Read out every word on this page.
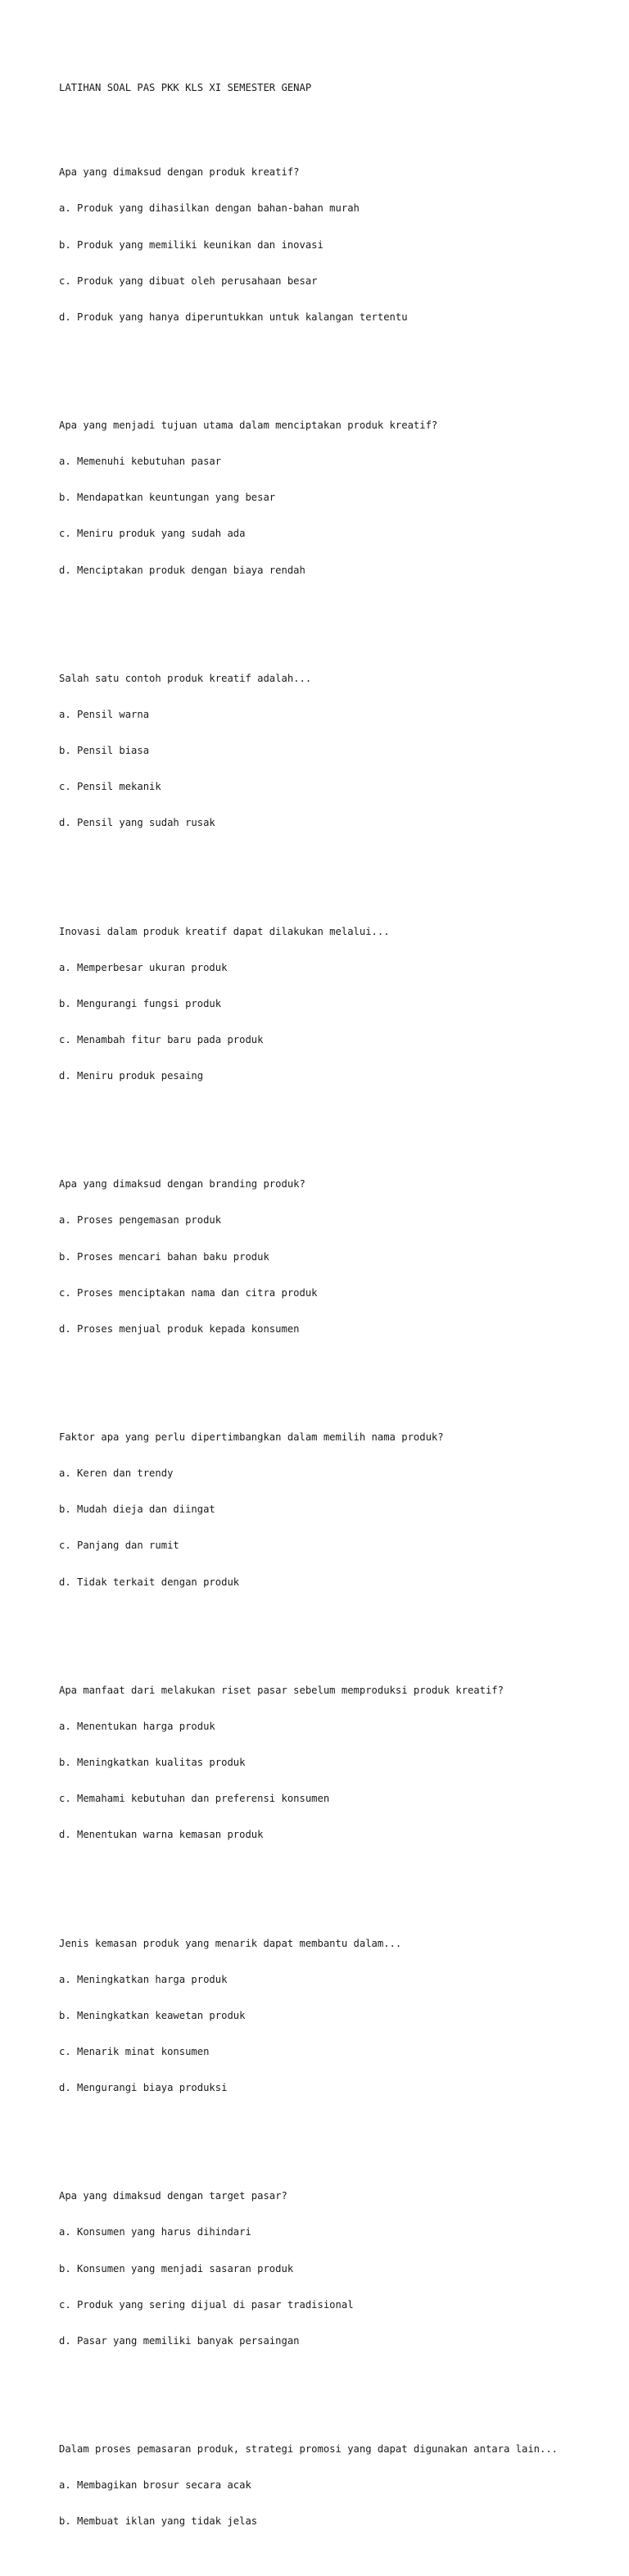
LATIHAN SOAL PAS PKK KLS XI SEMESTER GENAP

Apa yang dimaksud dengan produk kreatif?

a. Produk yang dihasilkan dengan bahan-bahan murah

b. Produk yang memiliki keunikan dan inovasi

c. Produk yang dibuat oleh perusahaan besar

d. Produk yang hanya diperuntukkan untuk kalangan tertentu

Apa yang menjadi tujuan utama dalam menciptakan produk kreatif?

a. Memenuhi kebutuhan pasar

b. Mendapatkan keuntungan yang besar

c. Meniru produk yang sudah ada

d. Menciptakan produk dengan biaya rendah

Salah satu contoh produk kreatif adalah...

a. Pensil warna

b. Pensil biasa

c. Pensil mekanik

d. Pensil yang sudah rusak

Inovasi dalam produk kreatif dapat dilakukan melalui...

a. Memperbesar ukuran produk

b. Mengurangi fungsi produk

c. Menambah fitur baru pada produk

d. Meniru produk pesaing

Apa yang dimaksud dengan branding produk?

a. Proses pengemasan produk

b. Proses mencari bahan baku produk

c. Proses menciptakan nama dan citra produk

d. Proses menjual produk kepada konsumen

Faktor apa yang perlu dipertimbangkan dalam memilih nama produk?

a. Keren dan trendy

b. Mudah dieja dan diingat

c. Panjang dan rumit

d. Tidak terkait dengan produk

Apa manfaat dari melakukan riset pasar sebelum memproduksi produk kreatif?

a. Menentukan harga produk

b. Meningkatkan kualitas produk

c. Memahami kebutuhan dan preferensi konsumen

d. Menentukan warna kemasan produk

Jenis kemasan produk yang menarik dapat membantu dalam...

a. Meningkatkan harga produk

b. Meningkatkan keawetan produk

c. Menarik minat konsumen

d. Mengurangi biaya produksi

Apa yang dimaksud dengan target pasar?

a. Konsumen yang harus dihindari

b. Konsumen yang menjadi sasaran produk

c. Produk yang sering dijual di pasar tradisional

d. Pasar yang memiliki banyak persaingan

Dalam proses pemasaran produk, strategi promosi yang dapat digunakan antara lain...

a. Membagikan brosur secara acak

b. Membuat iklan yang tidak jelas
